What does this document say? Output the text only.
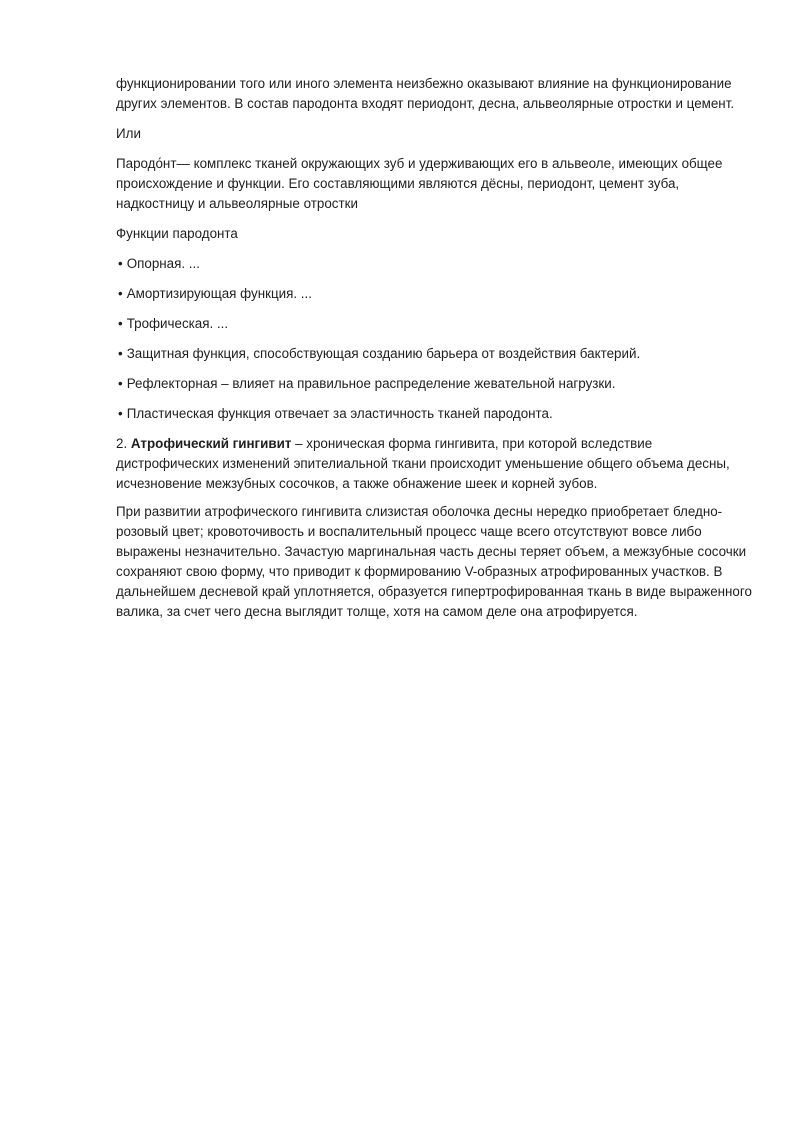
функционировании того или иного элемента неизбежно оказывают влияние на функционирование других элементов. В состав пародонта входят периодонт, десна, альвеолярные отростки и цемент.

Или

Пародо́нт— комплекс тканей окружающих зуб и удерживающих его в альвеоле, имеющих общее происхождение и функции. Его составляющими являются дёсны, периодонт, цемент зуба, надкостницу и альвеолярные отростки

Функции пародонта

• Опорная. ...
• Амортизирующая функция. ...
• Трофическая. ...
• Защитная функция, способствующая созданию барьера от воздействия бактерий.
• Рефлекторная – влияет на правильное распределение жевательной нагрузки.
• Пластическая функция отвечает за эластичность тканей пародонта.

2. Атрофический гингивит – хроническая форма гингивита, при которой вследствие дистрофических изменений эпителиальной ткани происходит уменьшение общего объема десны, исчезновение межзубных сосочков, а также обнажение шеек и корней зубов.

При развитии атрофического гингивита слизистая оболочка десны нередко приобретает бледно-розовый цвет; кровоточивость и воспалительный процесс чаще всего отсутствуют вовсе либо выражены незначительно. Зачастую маргинальная часть десны теряет объем, а межзубные сосочки сохраняют свою форму, что приводит к формированию V-образных атрофированных участков. В дальнейшем десневой край уплотняется, образуется гипертрофированная ткань в виде выраженного валика, за счет чего десна выглядит толще, хотя на самом деле она атрофируется.
